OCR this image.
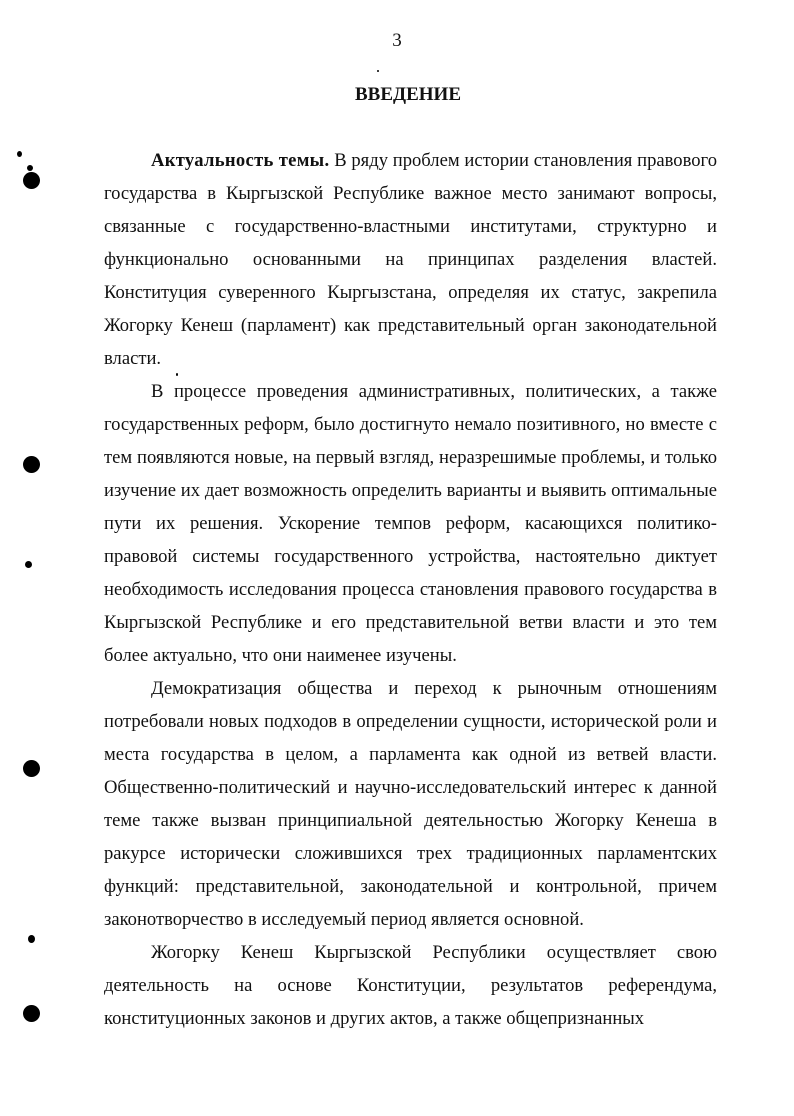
3
ВВЕДЕНИЕ

Актуальность темы. В ряду проблем истории становления правового государства в Кыргызской Республике важное место занимают вопросы, связанные с государственно-властными институтами, структурно и функционально основанными на принципах разделения властей. Конституция суверенного Кыргызстана, определяя их статус, закрепила Жогорку Кенеш (парламент) как представительный орган законодательной власти.

В процессе проведения административных, политических, а также государственных реформ, было достигнуто немало позитивного, но вместе с тем появляются новые, на первый взгляд, неразрешимые проблемы, и только изучение их дает возможность определить варианты и выявить оптимальные пути их решения. Ускорение темпов реформ, касающихся политико-правовой системы государственного устройства, настоятельно диктует необходимость исследования процесса становления правового государства в Кыргызской Республике и его представительной ветви власти и это тем более актуально, что они наименее изучены.

Демократизация общества и переход к рыночным отношениям потребовали новых подходов в определении сущности, исторической роли и места государства в целом, а парламента как одной из ветвей власти. Общественно-политический и научно-исследовательский интерес к данной теме также вызван принципиальной деятельностью Жогорку Кенеша в ракурсе исторически сложившихся трех традиционных парламентских функций: представительной, законодательной и контрольной, причем законотворчество в исследуемый период является основной.

Жогорку Кенеш Кыргызской Республики осуществляет свою деятельность на основе Конституции, результатов референдума, конституционных законов и других актов, а также общепризнанных
